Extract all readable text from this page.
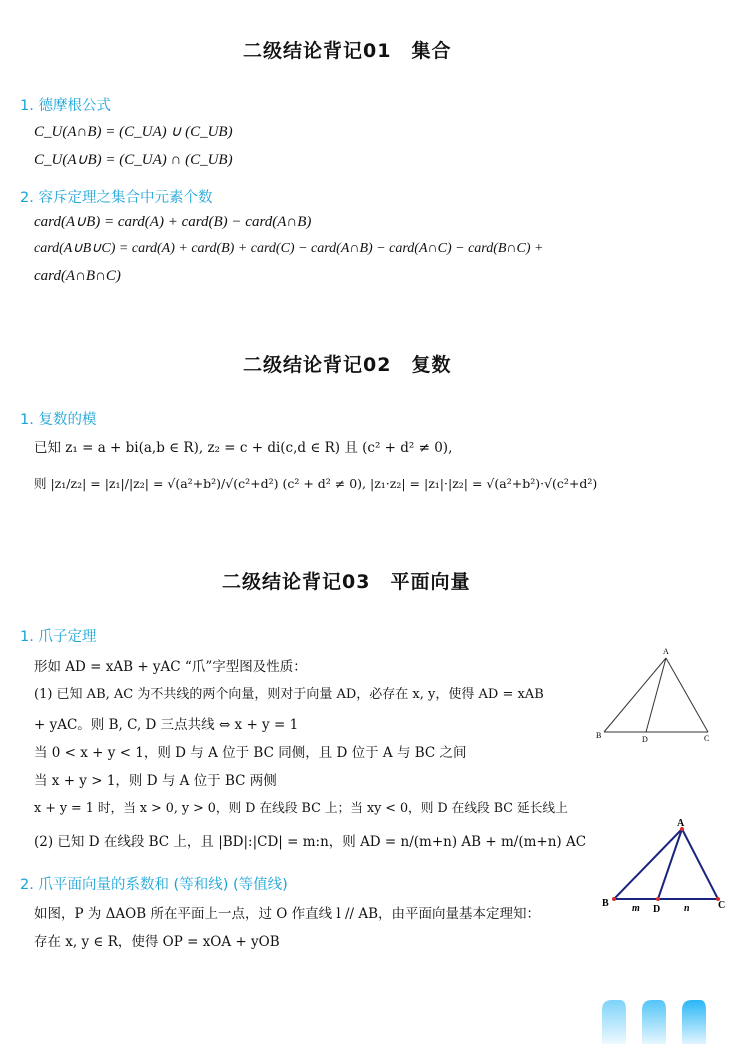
二级结论背记01　集合
1. 德摩根公式
C_U(A∩B) = (C_UA) ∪ (C_UB)
C_U(A∪B) = (C_UA) ∩ (C_UB)
2. 容斥定理之集合中元素个数
card(A∪B) = card(A) + card(B) − card(A∩B)
card(A∪B∪C) = card(A) + card(B) + card(C) − card(A∩B) − card(A∩C) − card(B∩C) +
card(A∩B∩C)
二级结论背记02　复数
1. 复数的模
已知 z₁ = a + bi(a,b ∈ R), z₂ = c + di(c,d ∈ R) 且 (c² + d² ≠ 0),
则 |z₁/z₂| = |z₁|/|z₂| = √(a²+b²)/√(c²+d²) (c² + d² ≠ 0), |z₁·z₂| = |z₁|·|z₂| = √(a²+b²)·√(c²+d²)
二级结论背记03　平面向量
1. 爪子定理
形如 AD = xAB + yAC “爪”字型图及性质：
(1) 已知 AB, AC 为不共线的两个向量，则对于向量 AD，必存在 x, y，使得 AD = xAB
+ yAC。则 B, C, D 三点共线 ⇔ x + y = 1
当 0 < x + y < 1，则 D 与 A 位于 BC 同侧，且 D 位于 A 与 BC 之间
当 x + y > 1，则 D 与 A 位于 BC 两侧
x + y = 1 时，当 x > 0, y > 0，则 D 在线段 BC 上；当 xy < 0，则 D 在线段 BC 延长线上
(2) 已知 D 在线段 BC 上，且 |BD|:|CD| = m:n，则 AD = n/(m+n) AB + m/(m+n) AC
2. 爪平面向量的系数和 (等和线) (等值线)
如图，P 为 ΔAOB 所在平面上一点，过 O 作直线 l // AB，由平面向量基本定理知：
存在 x, y ∈ R，使得 OP = xOA + yOB
A
B	D	C
A
B m D n	C
